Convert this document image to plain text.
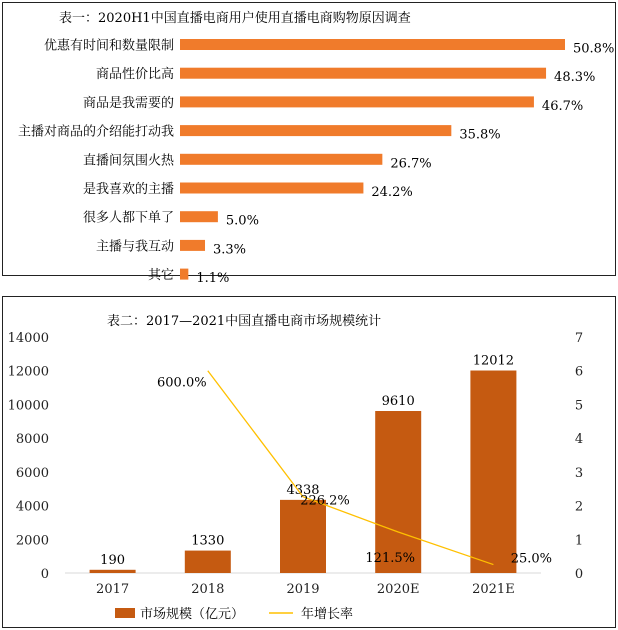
表一：2020H1中国直播电商用户使用直播电商购物原因调查
优惠有时间和数量限制	50.8%
商品性价比高	48.3%
商品是我需要的	46.7%
主播对商品的介绍能打动我	35.8%
直播间氛围火热	26.7%
是我喜欢的主播	24.2%
很多人都下单了	5.0%
主播与我互动	3.3%
其它 1.1%
表二：2017—2021中国直播电商市场规模统计
0
2000
4000
6000
8000
10000
12000
14000
0
1
2
3
4
5
6
7
190
2017
1330
2018
4338
2019
9610
2020E
12012
2021E
600.0%
226.2%
121.5%	25.0%
市场规模（亿元）	年增长率
